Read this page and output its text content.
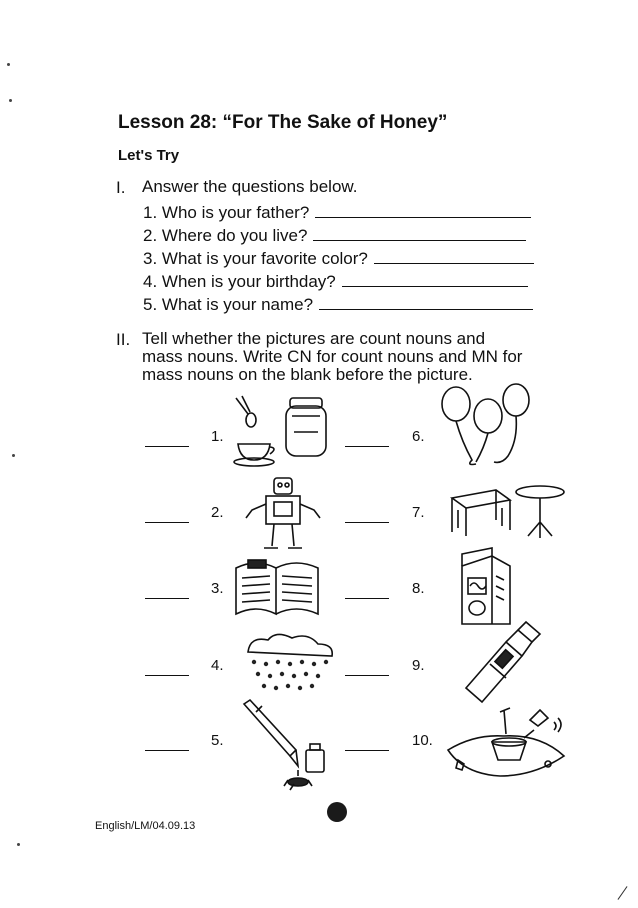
Lesson 28: “For The Sake of Honey”
Let's Try
I. Answer the questions below.
1. Who is your father?
2. Where do you live?
3. What is your favorite color?
4. When is your birthday?
5. What is your name?
II. Tell whether the pictures are count nouns and
mass nouns. Write CN for count nouns and MN for
mass nouns on the blank before the picture.
1.
2.
3.
4.
5.
6.
7.
8.
9.
10.
English/LM/04.09.13
